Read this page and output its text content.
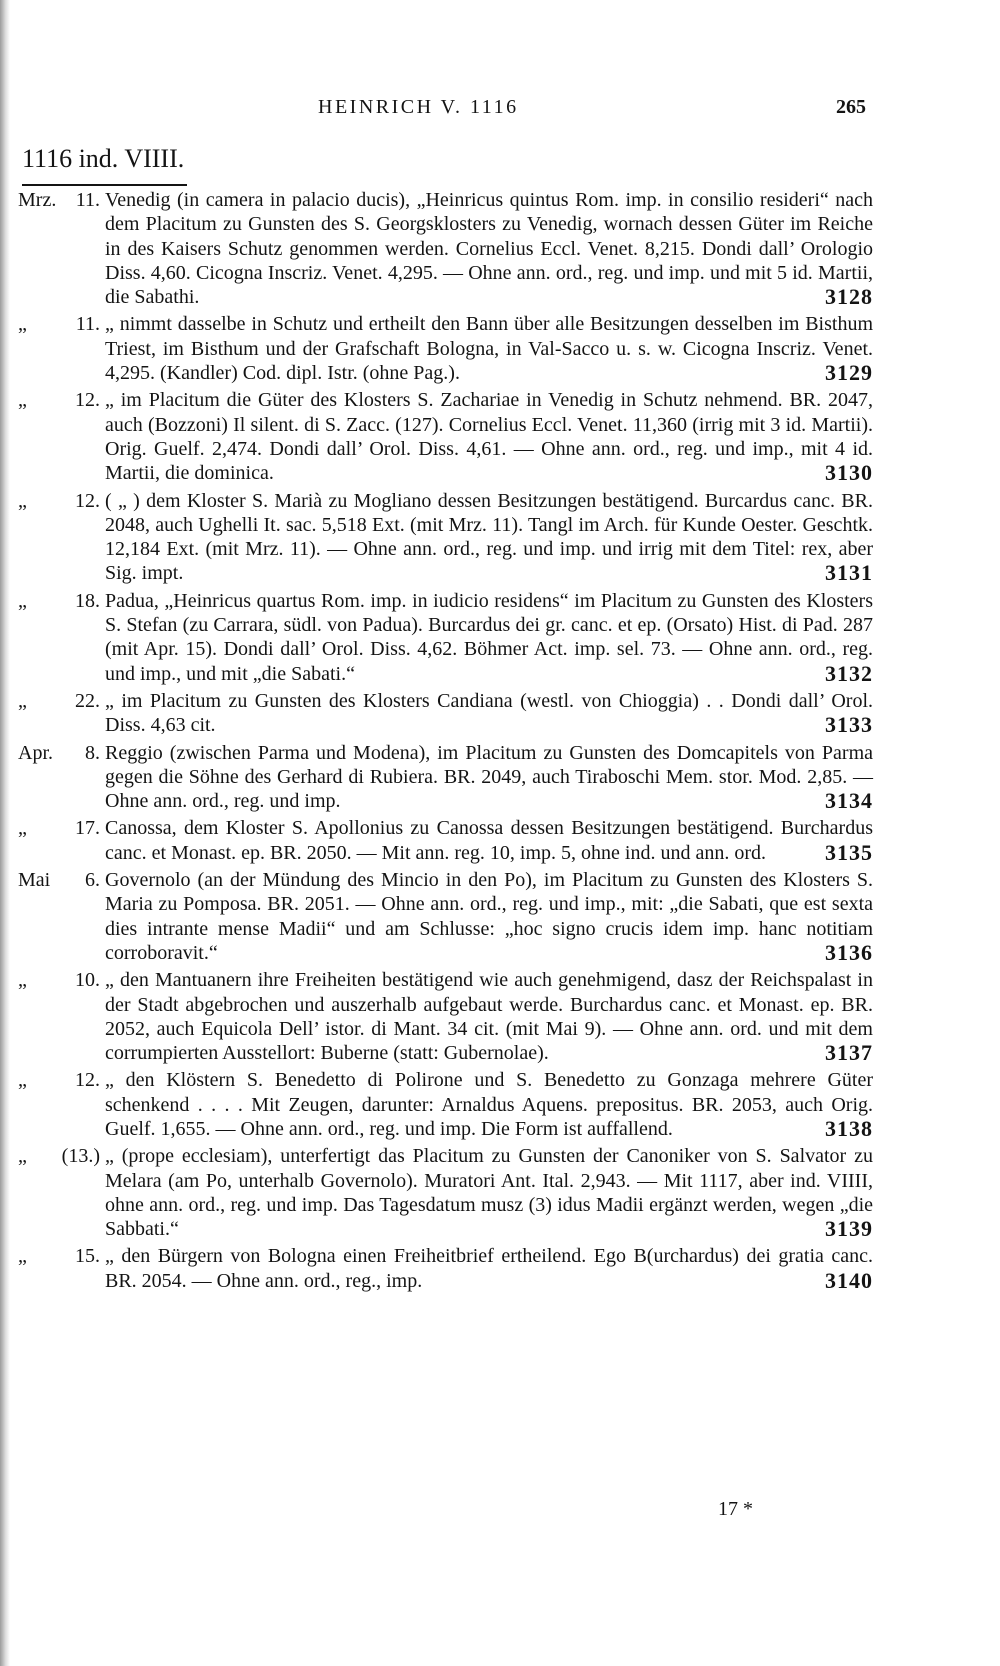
HEINRICH V. 1116	265
1116 ind. VIIII.
Mrz. 11. Venedig (in camera in palacio ducis), „Heinricus quintus Rom. imp. in consilio resideri“ nach dem Placitum zu Gunsten des S. Georgsklosters zu Venedig, wornach dessen Güter im Reiche in des Kaisers Schutz genommen werden. Cornelius Eccl. Venet. 8,215. Dondi dall’ Orologio Diss. 4,60. Cicogna Inscriz. Venet. 4,295. — Ohne ann. ord., reg. und imp. und mit 5 id. Martii, die Sabathi.	3128
„	11. „ nimmt dasselbe in Schutz und ertheilt den Bann über alle Besitzungen desselben im Bisthum Triest, im Bisthum und der Grafschaft Bologna, in Val-Sacco u. s. w. Cicogna Inscriz. Venet. 4,295. (Kandler) Cod. dipl. Istr. (ohne Pag.).	3129
„	12. „ im Placitum die Güter des Klosters S. Zachariae in Venedig in Schutz nehmend. BR. 2047, auch (Bozzoni) Il silent. di S. Zacc. (127). Cornelius Eccl. Venet. 11,360 (irrig mit 3 id. Martii). Orig. Guelf. 2,474. Dondi dall’ Orol. Diss. 4,61. — Ohne ann. ord., reg. und imp., mit 4 id. Martii, die dominica.	3130
„	12. ( „ ) dem Kloster S. Marià zu Mogliano dessen Besitzungen bestätigend. Burcardus canc. BR. 2048, auch Ughelli It. sac. 5,518 Ext. (mit Mrz. 11). Tangl im Arch. für Kunde Oester. Geschtk. 12,184 Ext. (mit Mrz. 11). — Ohne ann. ord., reg. und imp. und irrig mit dem Titel: rex, aber Sig. impt.	3131
„	18. Padua, „Heinricus quartus Rom. imp. in iudicio residens“ im Placitum zu Gunsten des Klosters S. Stefan (zu Carrara, südl. von Padua). Burcardus dei gr. canc. et ep. (Orsato) Hist. di Pad. 287 (mit Apr. 15). Dondi dall’ Orol. Diss. 4,62. Böhmer Act. imp. sel. 73. — Ohne ann. ord., reg. und imp., und mit „die Sabati.“	3132
„	22. „ im Placitum zu Gunsten des Klosters Candiana (westl. von Chioggia) . . Dondi dall’ Orol. Diss. 4,63 cit.	3133
Apr.	8. Reggio (zwischen Parma und Modena), im Placitum zu Gunsten des Domcapitels von Parma gegen die Söhne des Gerhard di Rubiera. BR. 2049, auch Tiraboschi Mem. stor. Mod. 2,85. — Ohne ann. ord., reg. und imp.	3134
„	17. Canossa, dem Kloster S. Apollonius zu Canossa dessen Besitzungen bestätigend. Burchardus canc. et Monast. ep. BR. 2050. — Mit ann. reg. 10, imp. 5, ohne ind. und ann. ord.	3135
Mai	6. Governolo (an der Mündung des Mincio in den Po), im Placitum zu Gunsten des Klosters S. Maria zu Pomposa. BR. 2051. — Ohne ann. ord., reg. und imp., mit: „die Sabati, que est sexta dies intrante mense Madii“ und am Schlusse: „hoc signo crucis idem imp. hanc notitiam corroboravit.“	3136
„	10. „ den Mantuanern ihre Freiheiten bestätigend wie auch genehmigend, dasz der Reichspalast in der Stadt abgebrochen und auszerhalb aufgebaut werde. Burchardus canc. et Monast. ep. BR. 2052, auch Equicola Dell’ istor. di Mant. 34 cit. (mit Mai 9). — Ohne ann. ord. und mit dem corrumpierten Ausstellort: Buberne (statt: Gubernolae).	3137
„	12. „ den Klöstern S. Benedetto di Polirone und S. Benedetto zu Gonzaga mehrere Güter schenkend . . . . Mit Zeugen, darunter: Arnaldus Aquens. prepositus. BR. 2053, auch Orig. Guelf. 1,655. — Ohne ann. ord., reg. und imp. Die Form ist auffallend.	3138
„	(13.) „ (prope ecclesiam), unterfertigt das Placitum zu Gunsten der Canoniker von S. Salvator zu Melara (am Po, unterhalb Governolo). Muratori Ant. Ital. 2,943. — Mit 1117, aber ind. VIIII, ohne ann. ord., reg. und imp. Das Tagesdatum musz (3) idus Madii ergänzt werden, wegen „die Sabbati.“	3139
„	15. „ den Bürgern von Bologna einen Freiheitbrief ertheilend. Ego B(urchardus) dei gratia canc. BR. 2054. — Ohne ann. ord., reg., imp.	3140
17 *
